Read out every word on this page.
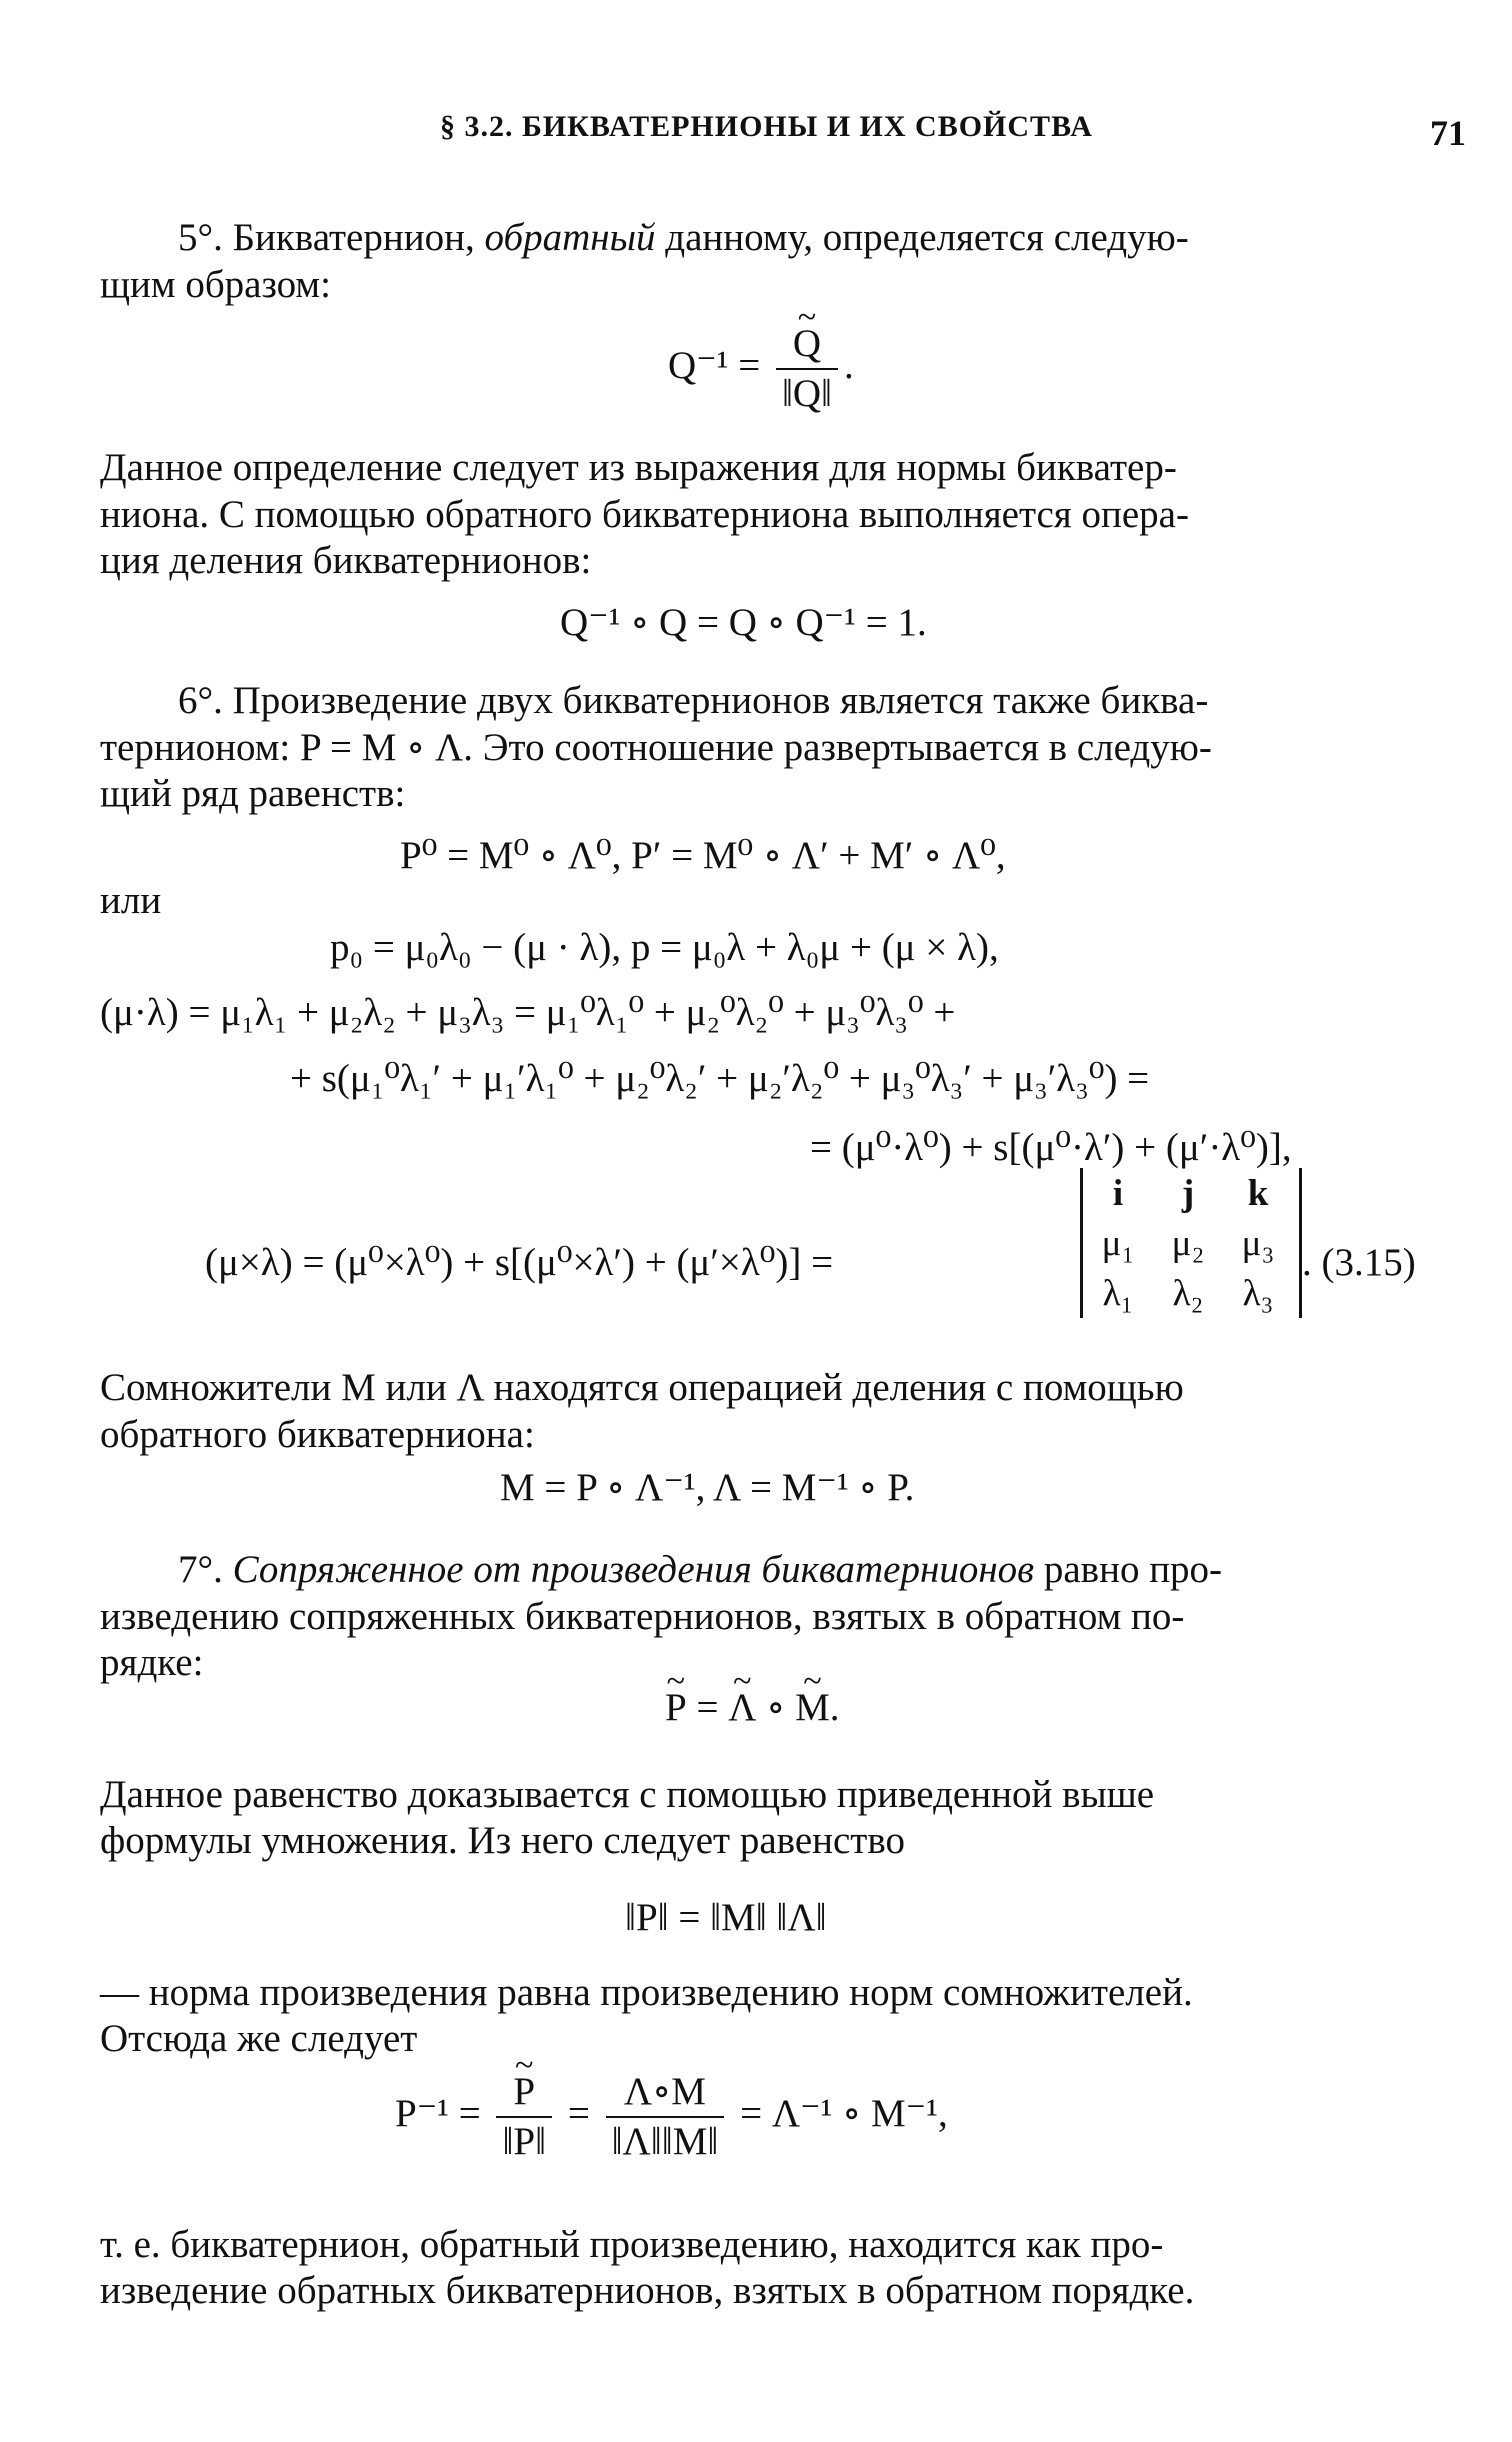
§ 3.2. БИКВАТЕРНИОНЫ И ИХ СВОЙСТВА	71
5°. Бикватернион, обратный данному, определяется следую-
щим образом:
Q⁻¹ = ~ $\frac{Q}{‖Q‖}$ .
Данное определение следует из выражения для нормы бикватер-
ниона. С помощью обратного бикватерниона выполняется опера-
ция деления бикватернионов:
Q⁻¹ ∘ Q = Q ∘ Q⁻¹ = 1.
6°. Произведение двух бикватернионов является также биква-
тернионом: P = M ∘ Λ. Это соотношение развертывается в следую-
щий ряд равенств:
P⁰ = M⁰ ∘ Λ⁰, P′ = M⁰ ∘ Λ′ + M′ ∘ Λ⁰,
или
p₀ = μ₀λ₀ − (μ · λ), p = μ₀λ + λ₀μ + (μ × λ),
(μ·λ) = μ₁λ₁ + μ₂λ₂ + μ₃λ₃ = μ₁⁰λ₁⁰ + μ₂⁰λ₂⁰ + μ₃⁰λ₃⁰ +
+ s(μ₁⁰λ₁′ + μ₁′λ₁⁰ + μ₂⁰λ₂′ + μ₂′λ₂⁰ + μ₃⁰λ₃′ + μ₃′λ₃⁰) =
= (μ⁰·λ⁰) + s[(μ⁰·λ′) + (μ′·λ⁰)],
(μ×λ) = (μ⁰×λ⁰) + s[(μ⁰×λ′) + (μ′×λ⁰)] =
i	j	k
μ₁	μ₂	μ₃
λ₁	λ₂	λ₃
. (3.15)
Сомножители M или Λ находятся операцией деления с помощью
обратного бикватерниона:
M = P ∘ Λ⁻¹, Λ = M⁻¹ ∘ P.
7°. Сопряженное от произведения бикватернионов равно про-
изведению сопряженных бикватернионов, взятых в обратном по-
рядке:
~ P = ~ Λ ∘ ~ M.
Данное равенство доказывается с помощью приведенной выше
формулы умножения. Из него следует равенство
‖P‖ = ‖M‖ ‖Λ‖
— норма произведения равна произведению норм сомножителей.
Отсюда же следует
P⁻¹ = ~ $\frac{P}{‖P‖} = \frac{\Lambda\circ M}{‖\Lambda‖‖M‖} = \Lambda^{-1}$ ∘ M⁻¹,
т. е. бикватернион, обратный произведению, находится как про-
изведение обратных бикватернионов, взятых в обратном порядке.
